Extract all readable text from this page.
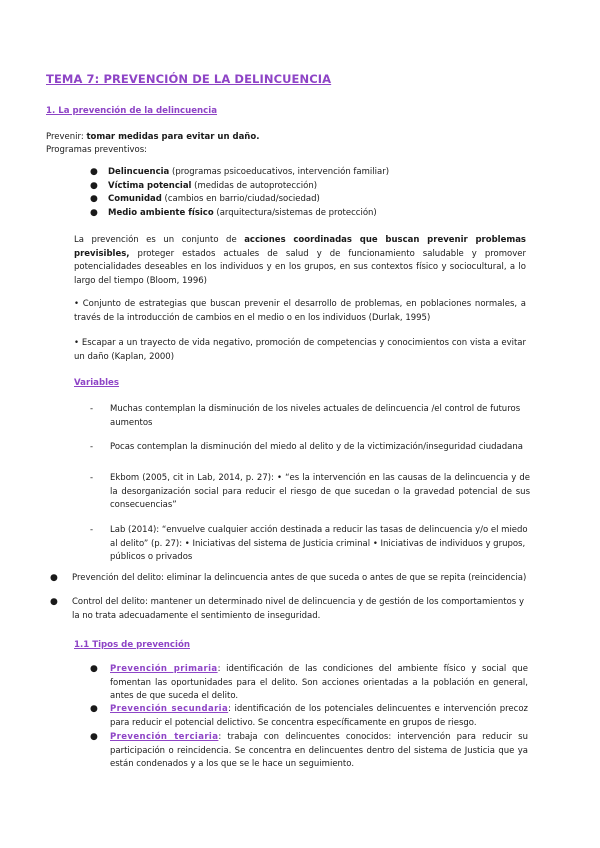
TEMA 7: PREVENCIÓN DE LA DELINCUENCIA
1. La prevención de la delincuencia
Prevenir: tomar medidas para evitar un daño.
Programas preventivos:
● Delincuencia (programas psicoeducativos, intervención familiar)
● Víctima potencial (medidas de autoprotección)
● Comunidad (cambios en barrio/ciudad/sociedad)
● Medio ambiente físico (arquitectura/sistemas de protección)
La prevención es un conjunto de acciones coordinadas que buscan prevenir problemas previsibles, proteger estados actuales de salud y de funcionamiento saludable y promover potencialidades deseables en los individuos y en los grupos, en sus contextos físico y sociocultural, a lo largo del tiempo (Bloom, 1996)
• Conjunto de estrategias que buscan prevenir el desarrollo de problemas, en poblaciones normales, a través de la introducción de cambios en el medio o en los individuos (Durlak, 1995)
• Escapar a un trayecto de vida negativo, promoción de competencias y conocimientos con vista a evitar un daño (Kaplan, 2000)
Variables
- Muchas contemplan la disminución de los niveles actuales de delincuencia /el control de futuros aumentos
- Pocas contemplan la disminución del miedo al delito y de la victimización/inseguridad ciudadana
- Ekbom (2005, cit in Lab, 2014, p. 27): • “es la intervención en las causas de la delincuencia y de la desorganización social para reducir el riesgo de que sucedan o la gravedad potencial de sus consecuencias”
- Lab (2014): “envuelve cualquier acción destinada a reducir las tasas de delincuencia y/o el miedo al delito” (p. 27): • Iniciativas del sistema de Justicia criminal • Iniciativas de individuos y grupos, públicos o privados
● Prevención del delito: eliminar la delincuencia antes de que suceda o antes de que se repita (reincidencia)
● Control del delito: mantener un determinado nivel de delincuencia y de gestión de los comportamientos y la no trata adecuadamente el sentimiento de inseguridad.
1.1 Tipos de prevención
● Prevención primaria: identificación de las condiciones del ambiente físico y social que fomentan las oportunidades para el delito. Son acciones orientadas a la población en general, antes de que suceda el delito.
● Prevención secundaria: identificación de los potenciales delincuentes e intervención precoz para reducir el potencial delictivo. Se concentra específicamente en grupos de riesgo.
● Prevención terciaria: trabaja con delincuentes conocidos: intervención para reducir su participación o reincidencia. Se concentra en delincuentes dentro del sistema de Justicia que ya están condenados y a los que se le hace un seguimiento.
